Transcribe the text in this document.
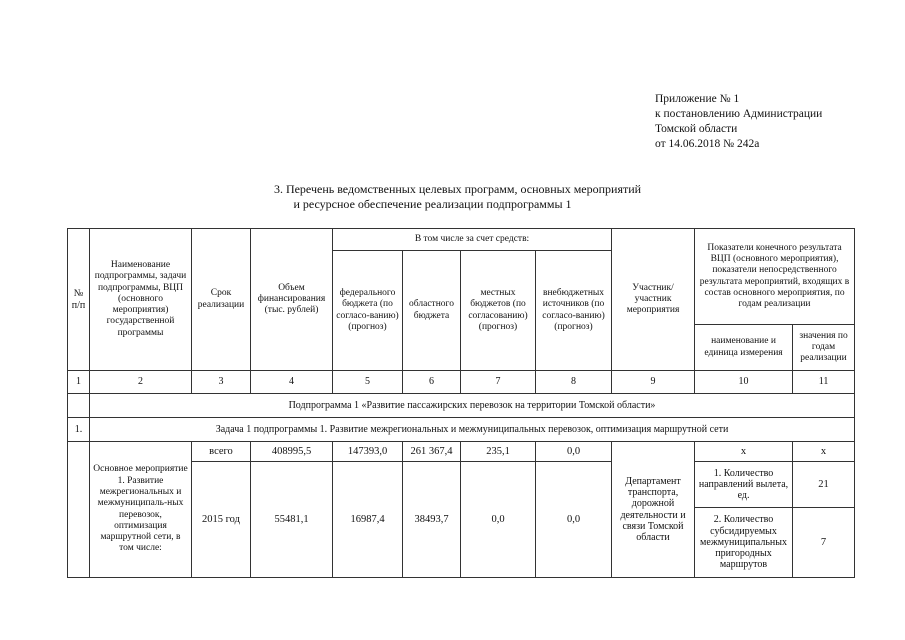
Приложение № 1
к постановлению Администрации
Томской области
от 14.06.2018 № 242а
3. Перечень ведомственных целевых программ, основных мероприятий
и ресурсное обеспечение реализации подпрограммы 1
№ п/п	Наименование подпрограммы, задачи подпрограммы, ВЦП (основного мероприятия) государственной программы	Срок реализации	Объем финансирования (тыс. рублей)	В том числе за счет средств:				Участник/ участник мероприятия	Показатели конечного результата ВЦП (основного мероприятия), показатели непосредственного результата мероприятий, входящих в состав основного мероприятия, по годам реализации	
				федерального бюджета (по согласо-ванию) (прогноз)	областного бюджета	местных бюджетов (по согласованию) (прогноз)	внебюджетных источников (по согласо-ванию) (прогноз)			
									наименование и единица измерения	значения по годам реализации
1	2	3	4	5	6	7	8	9	10	11
	Подпрограмма 1 «Развитие пассажирских перевозок на территории Томской области»									
1.	Задача 1 подпрограммы 1. Развитие межрегиональных и межмуниципальных перевозок, оптимизация маршрутной сети									
	Основное мероприятие 1. Развитие межрегиональных и межмуниципаль-ных перевозок, оптимизация маршрутной сети, в том числе:	всего	408995,5	147393,0	261 367,4	235,1	0,0	Департамент транспорта, дорожной деятельности и связи Томской области	х	х
		2015 год	55481,1	16987,4	38493,7	0,0	0,0		1. Количество направлений вылета, ед.	21
									2. Количество субсидируемых межмуниципальных пригородных маршрутов	7
